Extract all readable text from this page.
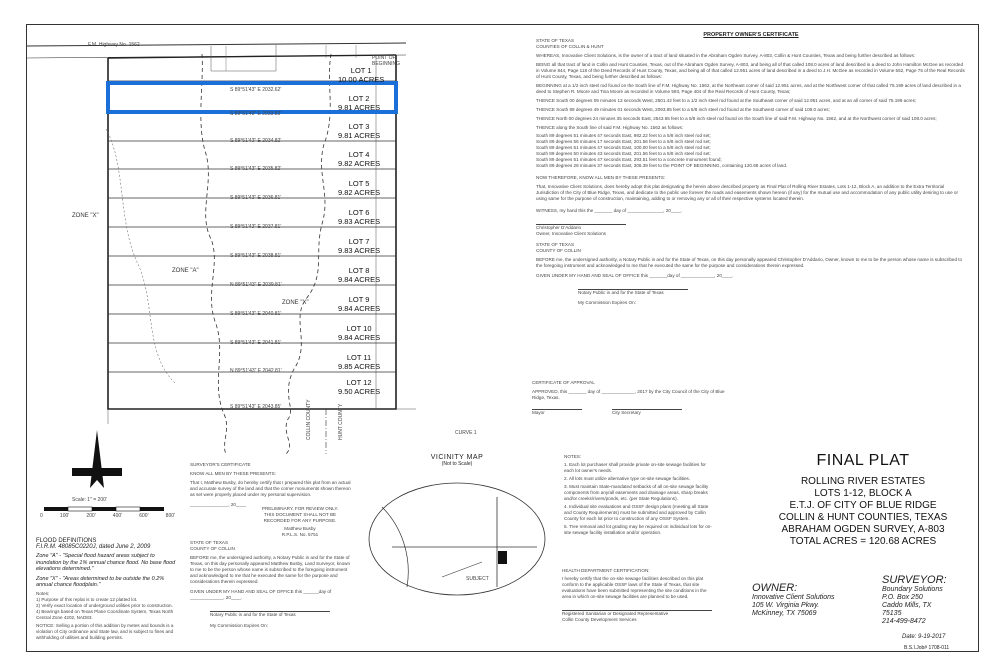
F.M. Highway No. 1562
POINT OF BEGINNING
ZONE "X"
ZONE "A"
ZONE "X"
CURVE 1
COLLIN COUNTY	HUNT COUNTY
S 89°51'43" E 2032.62'
S 89°51'43" E 2033.83'
S 89°51'43" E 2034.82'
S 89°51'43" E 2035.82'
S 89°51'43" E 2036.81'
S 89°51'43" E 2037.81'
S 89°51'43" E 2038.81'
N 89°51'43" E 2039.81'
S 89°51'43" E 2040.81'
S 89°51'43" E 2041.81'
N 89°51'43" E 2042.81'
S 89°51'43" E 2043.85'
LOT 1
10.00 ACRES
LOT 2
9.81 ACRES
LOT 3
9.81 ACRES
LOT 4
9.82 ACRES
LOT 5
9.82 ACRES
LOT 6
9.83 ACRES
LOT 7
9.83 ACRES
LOT 8
9.84 ACRES
LOT 9
9.84 ACRES
LOT 10
9.84 ACRES
LOT 11
9.85 ACRES
LOT 12
9.50 ACRES
PROPERTY OWNER'S CERTIFICATE
STATE OF TEXAS
COUNTIES OF COLLIN & HUNT
WHEREAS, Innovative Client Solutions, is the owner of a tract of land situated in the Abraham Ogden Survey, A-803, Collin & Hunt Counties, Texas and being further described as follows:
BEING all that tract of land in Collin and Hunt Counties, Texas, out of the Abraham Ogden Survey, A-803, and being all of that called 108.0 acres of land described in a deed to John Hamilton McGee as recorded in Volume 844, Page 118 of the Deed Records of Hunt County, Texas, and being all of that called 12.951 acres of land described in a deed to J.H. McGee as recorded in Volume 552, Page 75 of the Real Records of Hunt County, Texas, and being further described as follows:
BEGINNING at a 1/2 inch steel rod found on the South line of F.M. Highway No. 1562, at the Northeast corner of said 12.951 acres, and at the Northwest corner of that called 75.199 acres of land described in a deed to Stephen R. Moore and Tina Moore as recorded in Volume 593, Page 404 of the Real Records of Hunt County, Texas;
THENCE South 00 degrees 09 minutes 13 seconds West, 2501.42 feet to a 1/2 inch steel rod found at the Southeast corner of said 12.951 acres, and at an all corner of said 75.199 acres;
THENCE South 89 degrees 49 minutes 01 seconds West, 2093.85 feet to a 5/8 inch steel rod found at the Southwest corner of said 108.0 acres;
THENCE North 00 degrees 24 minutes 35 seconds East, 2543.65 feet to a 5/8 inch steel rod found on the South line of said F.M. Highway No. 1562, and at the Northwest corner of said 108.0 acres;
THENCE along the South line of said F.M. Highway No. 1562 as follows:
South 89 degrees 51 minutes 47 seconds East, 982.22 feet to a 5/8 inch steel rod set;
South 89 degrees 56 minutes 17 seconds East, 201.56 feet to a 5/8 inch steel rod set;
South 89 degrees 51 minutes 47 seconds East, 100.00 feet to a 5/8 inch steel rod set;
South 89 degrees 50 minutes 43 seconds East, 201.56 feet to a 5/8 inch steel rod set;
South 89 degrees 51 minutes 47 seconds East, 293.51 feet to a concrete monument found;
South 89 degrees 28 minutes 37 seconds East, 306.39 feet to the POINT OF BEGINNING, containing 120.68 acres of land.
NOW THEREFORE, KNOW ALL MEN BY THESE PRESENTS:
That, Innovative Client Solutions, does hereby adopt this plat designating the herein above described property as Final Plat of Rolling River Estates, Lots 1-12, Block A, an addition to the Extra Territorial Jurisdiction of the City of Blue Ridge, Texas, and dedicate to the public use forever the roads and easements shown hereon (if any) for the mutual use and accommodation of any public utility desiring to use or using same for the purpose of construction, maintaining, adding to or removing any or all of their respective systems located therein.
WITNESS, my hand this the _______ day of ______________, 20____.
Christopher D'Addario
Owner, Innovative Client Solutions
STATE OF TEXAS
COUNTY OF COLLIN
BEFORE me, the undersigned authority, a Notary Public in and for the State of Texas, on this day personally appeared Christopher D'Addario, Owner, known to me to be the person whose name is subscribed to the foregoing instrument and acknowledged to me that he executed the same for the purpose and considerations therein expressed.
GIVEN UNDER MY HAND AND SEAL OF OFFICE this _______day of _____________, 20____.
Notary Public in and for the State of Texas
My Commission Expires On:
CERTIFICATE OF APPROVAL
APPROVED, this _______ day of _____________, 2017 by the City Council of the City of Blue Ridge, Texas.
Mayor	City Secretary
NOTES:
1. Each lot purchaser shall provide private on-site sewage facilities for each lot owner's needs.
2. All lots must utilize alternative type on-site sewage facilities.
3. Must maintain State-mandated setbacks of all on-site sewage facility components from any/all easements and drainage areas, sharp breaks and/or creeks/rivers/ponds, etc. (per State Regulations).
4. Individual site evaluations and OSSF design plans (meeting all State and County Requirements) must be submitted and approved by Collin County for each lot prior to construction of any OSSF System.
5. Tree removal and lot grading may be required on individual lots for on-site sewage facility installation and/or operation.
HEALTH DEPARTMENT CERTIFICATION:
I hereby certify that the on-site sewage facilities described on this plat conform to the applicable OSSF laws of the State of Texas, that site evaluations have been submitted representing the site conditions in the area in which on-site sewage facilities are planned to be used.
Registered Sanitarian or Designated Representative
Collin County Development Services
SURVEYOR'S CERTIFICATE
KNOW ALL MEN BY THESE PRESENTS:
That I, Matthew Busby, do hereby certify that I prepared this plat from an actual and accurate survey of the land and that the corner monuments shown thereon as set were properly placed under my personal supervision.
_______________, 20____
PRELIMINARY, FOR REVIEW ONLY. THIS DOCUMENT SHALL NOT BE RECORDED FOR ANY PURPOSE.
Matthew Busby
R.P.L.S. No. 5751
STATE OF TEXAS
COUNTY OF COLLIN
BEFORE me, the undersigned authority, a Notary Public in and for the State of Texas, on this day personally appeared Matthew Busby, Land Surveyor, known to me to be the person whose name is subscribed to the foregoing instrument and acknowledged to me that he executed the same for the purpose and considerations therein expressed.
GIVEN UNDER MY HAND AND SEAL OF OFFICE this ______day of _____________, 20____.
Notary Public in and for the State of Texas
My Commission Expires On:
VICINITY MAP
(Not to Scale)
SUBJECT
Scale: 1" = 200'
0	100'	200'	400'	600'	800'
FLOOD DEFINITIONS
F.I.R.M. 48085C0220J, dated June 2, 2009
Zone "A" - "Special flood hazard areas subject to inundation by the 1% annual chance flood. No base flood elevations determined."
Zone "X" - "Areas determined to be outside the 0.2% annual chance floodplain."
Notes:
1) Purpose of this replat is to create 12 platted lot.
2) Verify exact location of underground utilities prior to construction.
4) Bearings based on Texas Plane Coordinate System, Texas North Central Zone 4202, NAD83.
NOTICE: Selling a portion of this addition by metes and bounds is a violation of City ordinance and State law, and is subject to fines and withholding of utilities and building permits.
FINAL PLAT
ROLLING RIVER ESTATES
LOTS 1-12, BLOCK A
E.T.J. OF CITY OF BLUE RIDGE
COLLIN & HUNT COUNTIES, TEXAS
ABRAHAM OGDEN SURVEY, A-803
TOTAL ACRES = 120.68 ACRES
OWNER:
Innovative Client Solutions
105 W. Virginia Pkwy.
McKinney, TX 75069
SURVEYOR:
Boundary Solutions
P.O. Box 250
Caddo Mills, TX
75135
214-499-8472
Date: 9-19-2017
B.S.I.Job# 1708-011
